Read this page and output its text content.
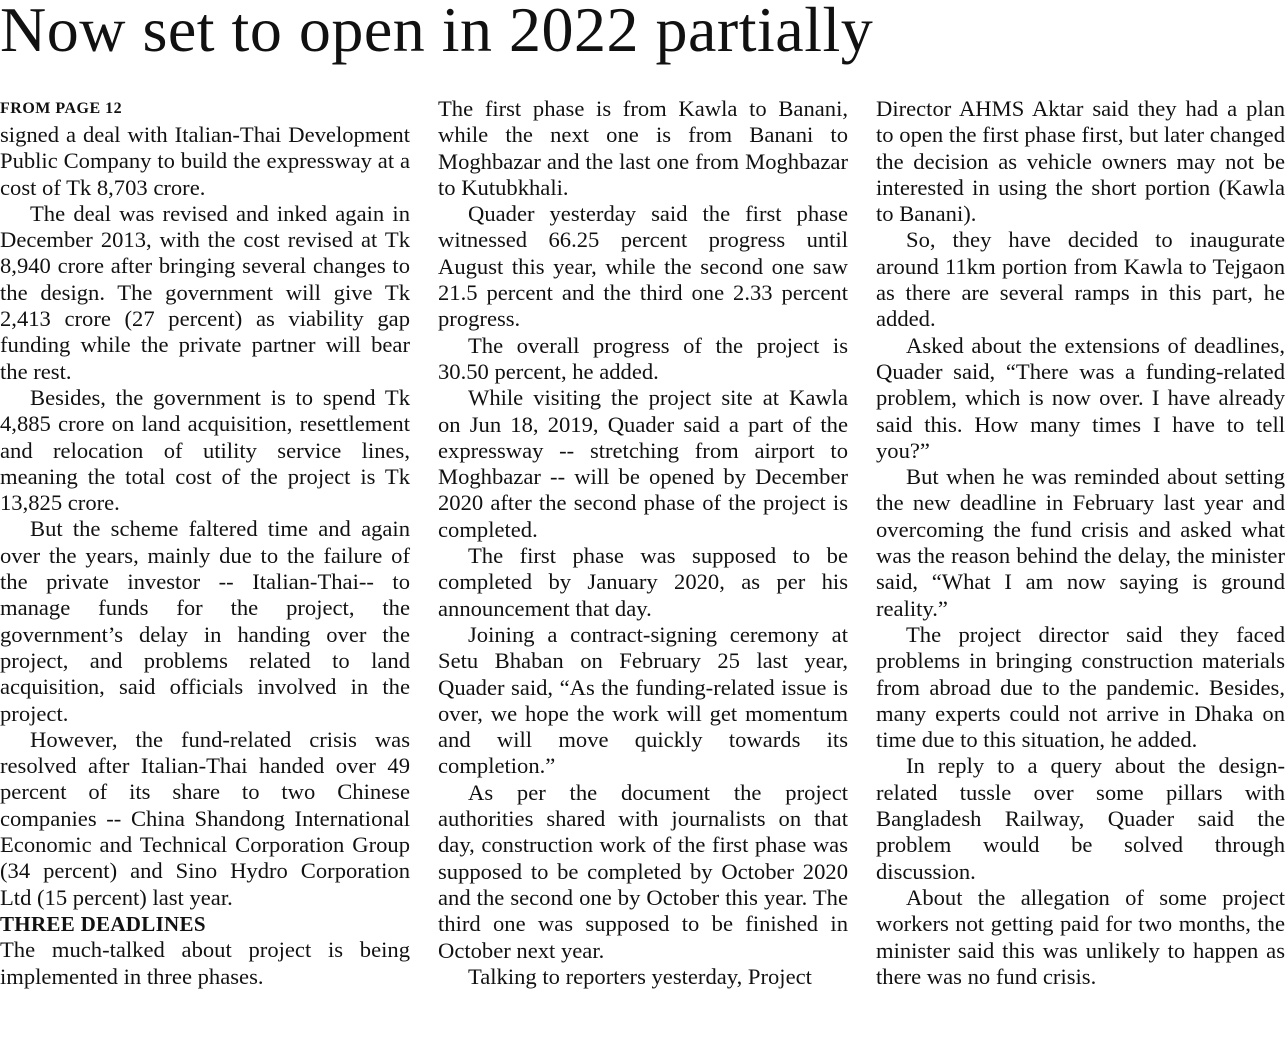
Now set to open in 2022 partially

FROM PAGE 12

signed a deal with Italian-Thai Development Public Company to build the expressway at a cost of Tk 8,703 crore.

The deal was revised and inked again in December 2013, with the cost revised at Tk 8,940 crore after bringing several changes to the design. The government will give Tk 2,413 crore (27 percent) as viability gap funding while the private partner will bear the rest.

Besides, the government is to spend Tk 4,885 crore on land acquisition, resettlement and relocation of utility service lines, meaning the total cost of the project is Tk 13,825 crore.

But the scheme faltered time and again over the years, mainly due to the failure of the private investor -- Italian-Thai-- to manage funds for the project, the government’s delay in handing over the project, and problems related to land acquisition, said officials involved in the project.

However, the fund-related crisis was resolved after Italian-Thai handed over 49 percent of its share to two Chinese companies -- China Shandong International Economic and Technical Corporation Group (34 percent) and Sino Hydro Corporation Ltd (15 percent) last year.

THREE DEADLINES

The much-talked about project is being implemented in three phases.

The first phase is from Kawla to Banani, while the next one is from Banani to Moghbazar and the last one from Moghbazar to Kutubkhali.

Quader yesterday said the first phase witnessed 66.25 percent progress until August this year, while the second one saw 21.5 percent and the third one 2.33 percent progress.

The overall progress of the project is 30.50 percent, he added.

While visiting the project site at Kawla on Jun 18, 2019, Quader said a part of the expressway -- stretching from airport to Moghbazar -- will be opened by December 2020 after the second phase of the project is completed.

The first phase was supposed to be completed by January 2020, as per his announcement that day.

Joining a contract-signing ceremony at Setu Bhaban on February 25 last year, Quader said, “As the funding-related issue is over, we hope the work will get momentum and will move quickly towards its completion.”

As per the document the project authorities shared with journalists on that day, construction work of the first phase was supposed to be completed by October 2020 and the second one by October this year. The third one was supposed to be finished in October next year.

Talking to reporters yesterday, Project

Director AHMS Aktar said they had a plan to open the first phase first, but later changed the decision as vehicle owners may not be interested in using the short portion (Kawla to Banani).

So, they have decided to inaugurate around 11km portion from Kawla to Tejgaon as there are several ramps in this part, he added.

Asked about the extensions of deadlines, Quader said, “There was a funding-related problem, which is now over. I have already said this. How many times I have to tell you?”

But when he was reminded about setting the new deadline in February last year and overcoming the fund crisis and asked what was the reason behind the delay, the minister said, “What I am now saying is ground reality.”

The project director said they faced problems in bringing construction materials from abroad due to the pandemic. Besides, many experts could not arrive in Dhaka on time due to this situation, he added.

In reply to a query about the design-related tussle over some pillars with Bangladesh Railway, Quader said the problem would be solved through discussion.

About the allegation of some project workers not getting paid for two months, the minister said this was unlikely to happen as there was no fund crisis.
